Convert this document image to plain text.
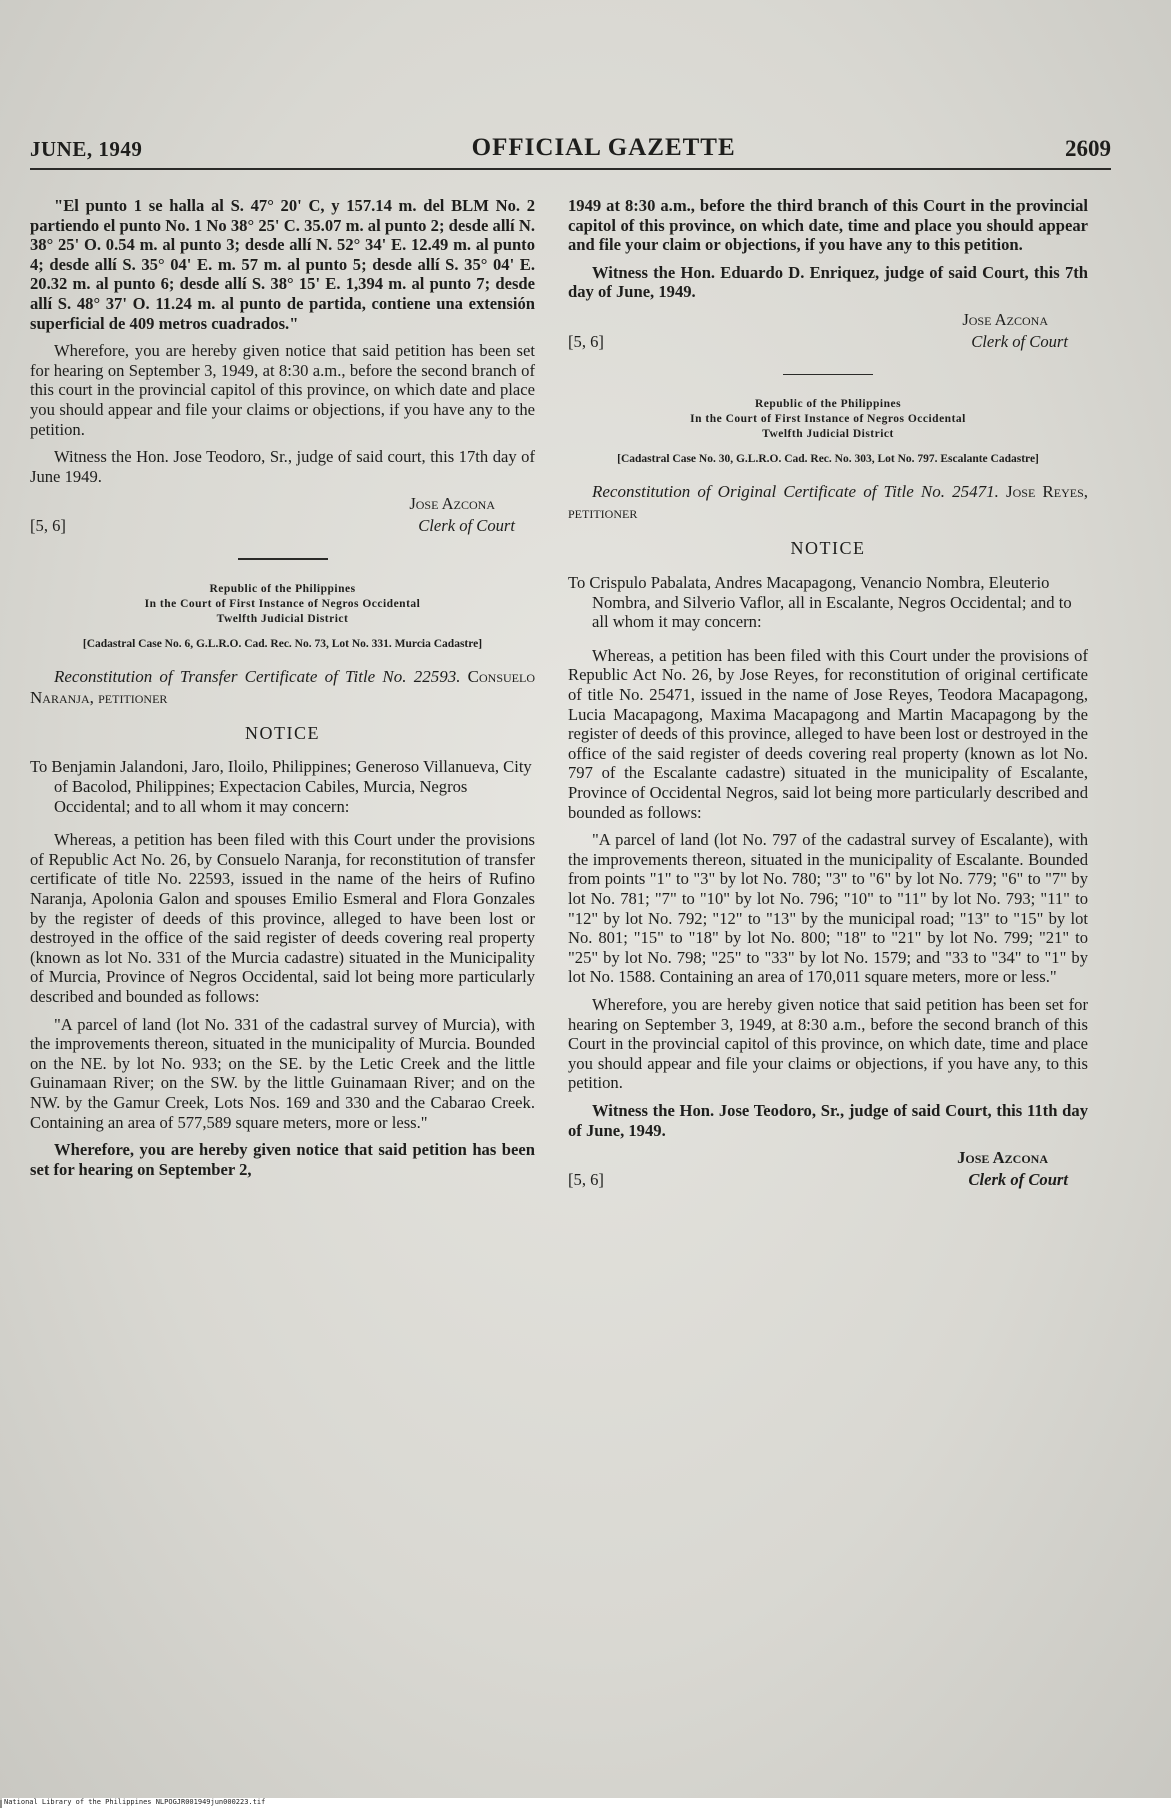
JUNE, 1949	OFFICIAL GAZETTE	2609

"El punto 1 se halla al S. 47° 20' C, y 157.14 m. del BLM No. 2 partiendo el punto No. 1 No 38° 25' C. 35.07 m. al punto 2; desde allí N. 38° 25' O. 0.54 m. al punto 3; desde allí N. 52° 34' E. 12.49 m. al punto 4; desde allí S. 35° 04' E. m. 57 m. al punto 5; desde allí S. 35° 04' E. 20.32 m. al punto 6; desde allí S. 38° 15' E. 1,394 m. al punto 7; desde allí S. 48° 37' O. 11.24 m. al punto de partida, contiene una extensión superficial de 409 metros cuadrados."

Wherefore, you are hereby given notice that said petition has been set for hearing on September 3, 1949, at 8:30 a.m., before the second branch of this court in the provincial capitol of this province, on which date and place you should appear and file your claims or objections, if you have any to the petition.

Witness the Hon. Jose Teodoro, Sr., judge of said court, this 17th day of June 1949.

Jose Azcona
[5, 6]	Clerk of Court
Republic of the Philippines
In the Court of First Instance of Negros Occidental
Twelfth Judicial District
[Cadastral Case No. 6, G.L.R.O. Cad. Rec. No. 73, Lot No. 331. Murcia Cadastre]

Reconstitution of Transfer Certificate of Title No. 22593. Consuelo Naranja, petitioner

NOTICE

To Benjamin Jalandoni, Jaro, Iloilo, Philippines; Generoso Villanueva, City of Bacolod, Philippines; Expectacion Cabiles, Murcia, Negros Occidental; and to all whom it may concern:

Whereas, a petition has been filed with this Court under the provisions of Republic Act No. 26, by Consuelo Naranja, for reconstitution of transfer certificate of title No. 22593, issued in the name of the heirs of Rufino Naranja, Apolonia Galon and spouses Emilio Esmeral and Flora Gonzales by the register of deeds of this province, alleged to have been lost or destroyed in the office of the said register of deeds covering real property (known as lot No. 331 of the Murcia cadastre) situated in the Municipality of Murcia, Province of Negros Occidental, said lot being more particularly described and bounded as follows:

"A parcel of land (lot No. 331 of the cadastral survey of Murcia), with the improvements thereon, situated in the municipality of Murcia. Bounded on the NE. by lot No. 933; on the SE. by the Letic Creek and the little Guinamaan River; on the SW. by the little Guinamaan River; and on the NW. by the Gamur Creek, Lots Nos. 169 and 330 and the Cabarao Creek. Containing an area of 577,589 square meters, more or less."

Wherefore, you are hereby given notice that said petition has been set for hearing on September 2,

1949 at 8:30 a.m., before the third branch of this Court in the provincial capitol of this province, on which date, time and place you should appear and file your claim or objections, if you have any to this petition.

Witness the Hon. Eduardo D. Enriquez, judge of said Court, this 7th day of June, 1949.

Jose Azcona
[5, 6]	Clerk of Court
Republic of the Philippines
In the Court of First Instance of Negros Occidental
Twelfth Judicial District
[Cadastral Case No. 30, G.L.R.O. Cad. Rec. No. 303, Lot No. 797. Escalante Cadastre]

Reconstitution of Original Certificate of Title No. 25471. Jose Reyes, petitioner

NOTICE

To Crispulo Pabalata, Andres Macapagong, Venancio Nombra, Eleuterio Nombra, and Silverio Vaflor, all in Escalante, Negros Occidental; and to all whom it may concern:

Whereas, a petition has been filed with this Court under the provisions of Republic Act No. 26, by Jose Reyes, for reconstitution of original certificate of title No. 25471, issued in the name of Jose Reyes, Teodora Macapagong, Lucia Macapagong, Maxima Macapagong and Martin Macapagong by the register of deeds of this province, alleged to have been lost or destroyed in the office of the said register of deeds covering real property (known as lot No. 797 of the Escalante cadastre) situated in the municipality of Escalante, Province of Occidental Negros, said lot being more particularly described and bounded as follows:

"A parcel of land (lot No. 797 of the cadastral survey of Escalante), with the improvements thereon, situated in the municipality of Escalante. Bounded from points "1" to "3" by lot No. 780; "3" to "6" by lot No. 779; "6" to "7" by lot No. 781; "7" to "10" by lot No. 796; "10" to "11" by lot No. 793; "11" to "12" by lot No. 792; "12" to "13" by the municipal road; "13" to "15" by lot No. 801; "15" to "18" by lot No. 800; "18" to "21" by lot No. 799; "21" to "25" by lot No. 798; "25" to "33" by lot No. 1579; and "33 to "34" to "1" by lot No. 1588. Containing an area of 170,011 square meters, more or less."

Wherefore, you are hereby given notice that said petition has been set for hearing on September 3, 1949, at 8:30 a.m., before the second branch of this Court in the provincial capitol of this province, on which date, time and place you should appear and file your claims or objections, if you have any, to this petition.

Witness the Hon. Jose Teodoro, Sr., judge of said Court, this 11th day of June, 1949.

Jose Azcona
[5, 6]	Clerk of Court
National Library of the Philippines NLPOGJR001949jun000223.tif
